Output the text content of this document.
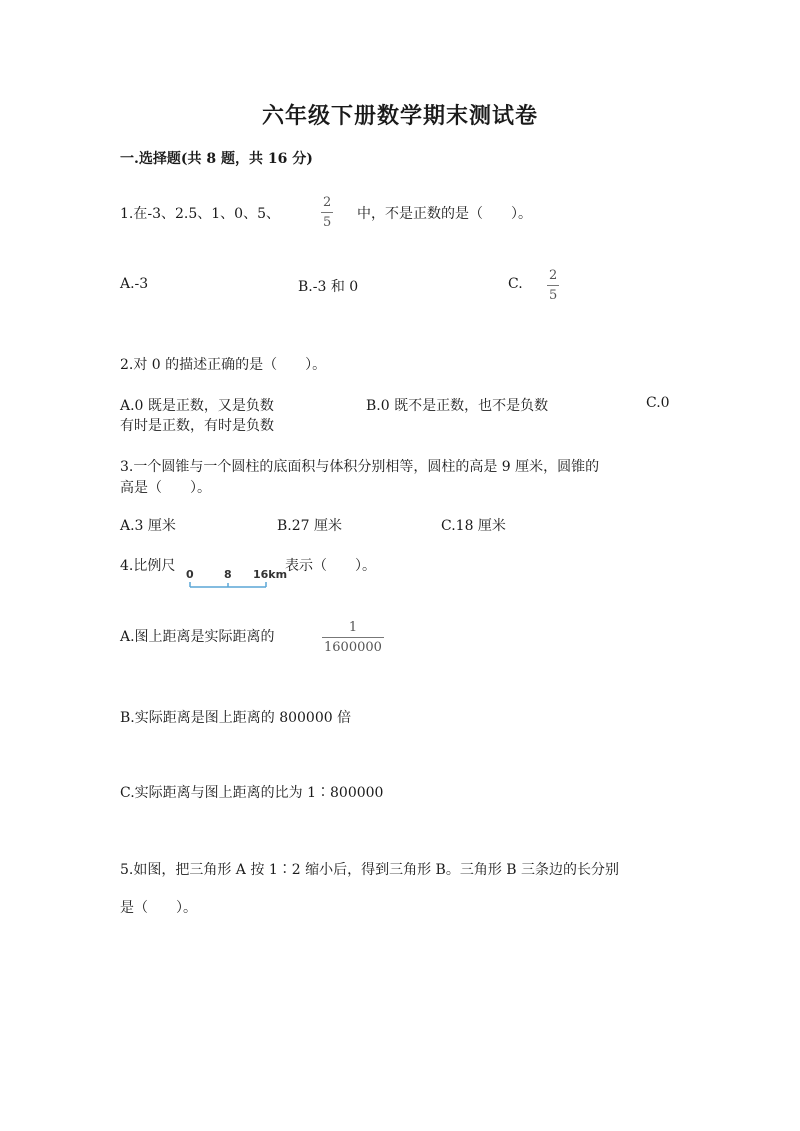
六年级下册数学期末测试卷
一.选择题(共 8 题，共 16 分)
1.在-3、2.5、1、0、5、
2
5
中，不是正数的是（　　）。
A.-3	B.-3 和 0	C.
2
5
2.对 0 的描述正确的是（　　）。
A.0 既是正数，又是负数	B.0 既不是正数，也不是负数	C.0
有时是正数，有时是负数
3.一个圆锥与一个圆柱的底面积与体积分别相等，圆柱的高是 9 厘米，圆锥的
高是（　　）。
A.3 厘米	B.27 厘米	C.18 厘米
4.比例尺
0	8 16km
表示（　　）。
A.图上距离是实际距离的
1
1600000
B.实际距离是图上距离的 800000 倍
C.实际距离与图上距离的比为 1∶800000
5.如图，把三角形 A 按 1∶2 缩小后，得到三角形 B。三角形 B 三条边的长分别
是（　　）。
